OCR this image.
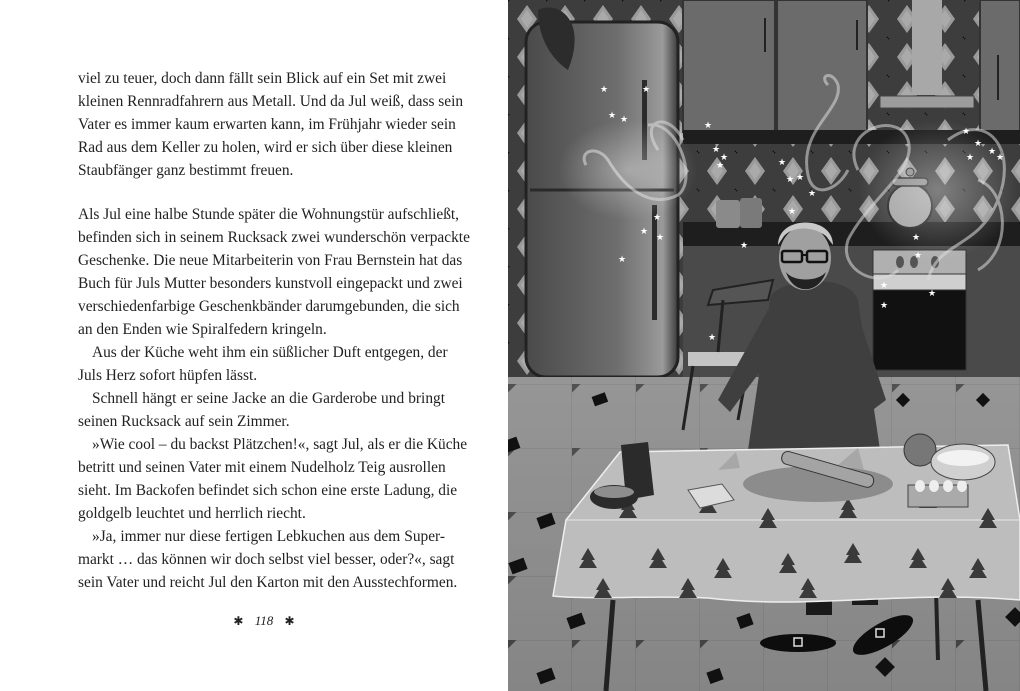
viel zu teuer, doch dann fällt sein Blick auf ein Set mit zwei
kleinen Rennradfahrern aus Metall. Und da Jul weiß, dass sein
Vater es immer kaum erwarten kann, im Frühjahr wieder sein
Rad aus dem Keller zu holen, wird er sich über diese kleinen
Staubfänger ganz bestimmt freuen.
Als Jul eine halbe Stunde später die Wohnungstür aufschließt,
befinden sich in seinem Rucksack zwei wunderschön verpackte
Geschenke. Die neue Mitarbeiterin von Frau Bernstein hat das
Buch für Juls Mutter besonders kunstvoll eingepackt und zwei
verschiedenfarbige Geschenkbänder darumgebunden, die sich
an den Enden wie Spiralfedern kringeln.
Aus der Küche weht ihm ein süßlicher Duft entgegen, der
Juls Herz sofort hüpfen lässt.
Schnell hängt er seine Jacke an die Garderobe und bringt
seinen Rucksack auf sein Zimmer.
»Wie cool – du backst Plätzchen!«, sagt Jul, als er die Küche
betritt und seinen Vater mit einem Nudelholz Teig ausrollen
sieht. Im Backofen befindet sich schon eine erste Ladung, die
goldgelb leuchtet und herrlich riecht.
»Ja, immer nur diese fertigen Lebkuchen aus dem Super-
markt … das können wir doch selbst viel besser, oder?«, sagt
sein Vater und reicht Jul den Karton mit den Ausstechformen.
✱ 118 ✱
★
★ ★
★
★
★
★
★	★
★ ★
★
★
★
★
★
★
★
★
★
★
★
★
★
★
★
★
★
★
